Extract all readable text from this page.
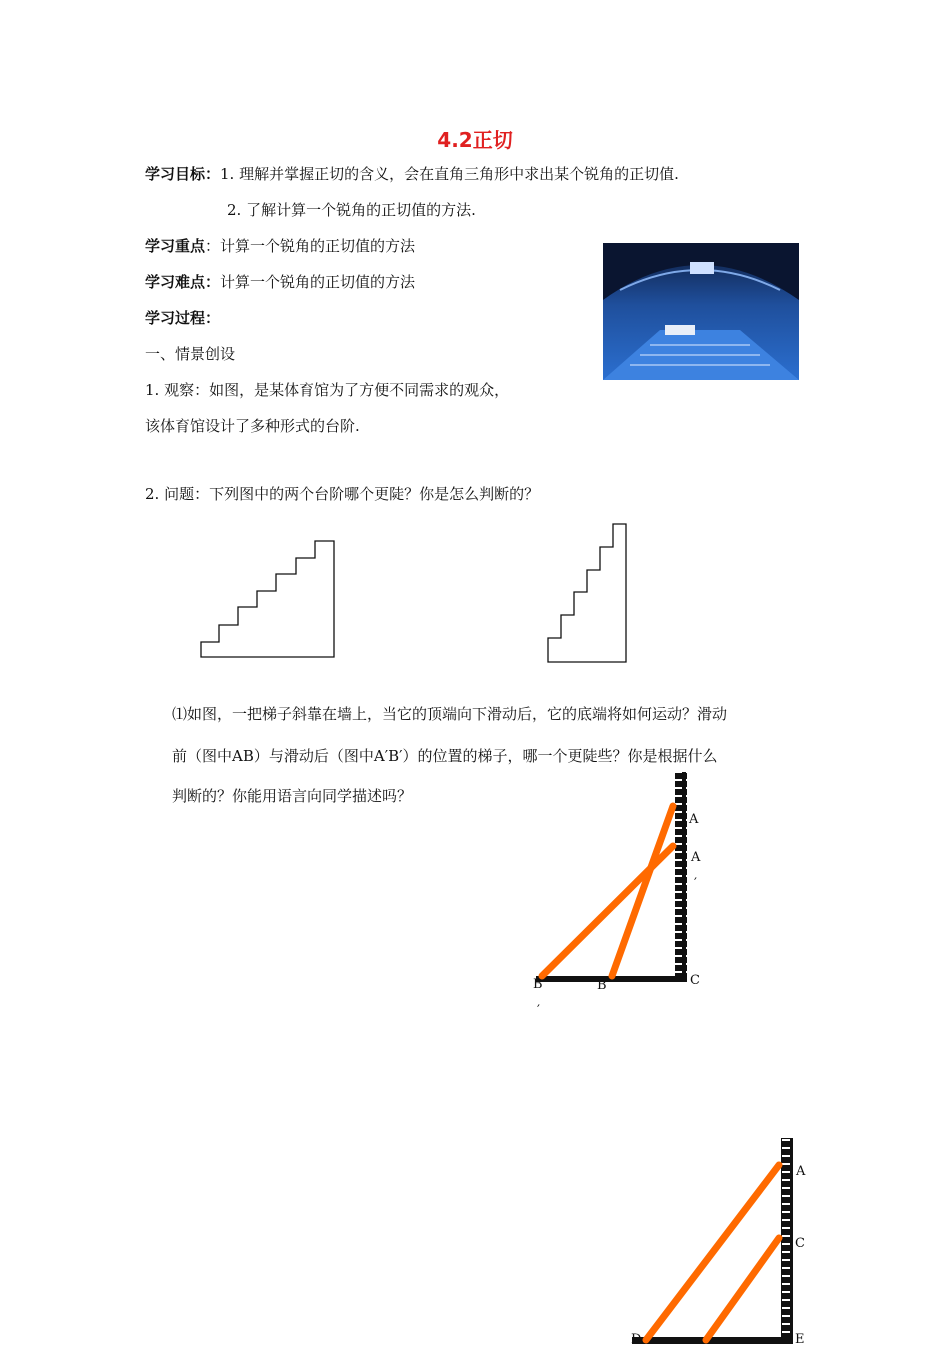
4.2正切
学习目标：1. 理解并掌握正切的含义，会在直角三角形中求出某个锐角的正切值.
2. 了解计算一个锐角的正切值的方法.
学习重点：计算一个锐角的正切值的方法
学习难点：计算一个锐角的正切值的方法
学习过程：
一、情景创设
1. 观察：如图，是某体育馆为了方便不同需求的观众，
该体育馆设计了多种形式的台阶.
2. 问题：下列图中的两个台阶哪个更陡？你是怎么判断的？
⑴如图，一把梯子斜靠在墙上，当它的顶端向下滑动后，它的底端将如何运动？滑动
前（图中AB）与滑动后（图中A′B′）的位置的梯子，哪一个更陡些？你是根据什么
判断的？你能用语言向同学描述吗？
A
A
′
C
B
B
′
A
C
E
D
